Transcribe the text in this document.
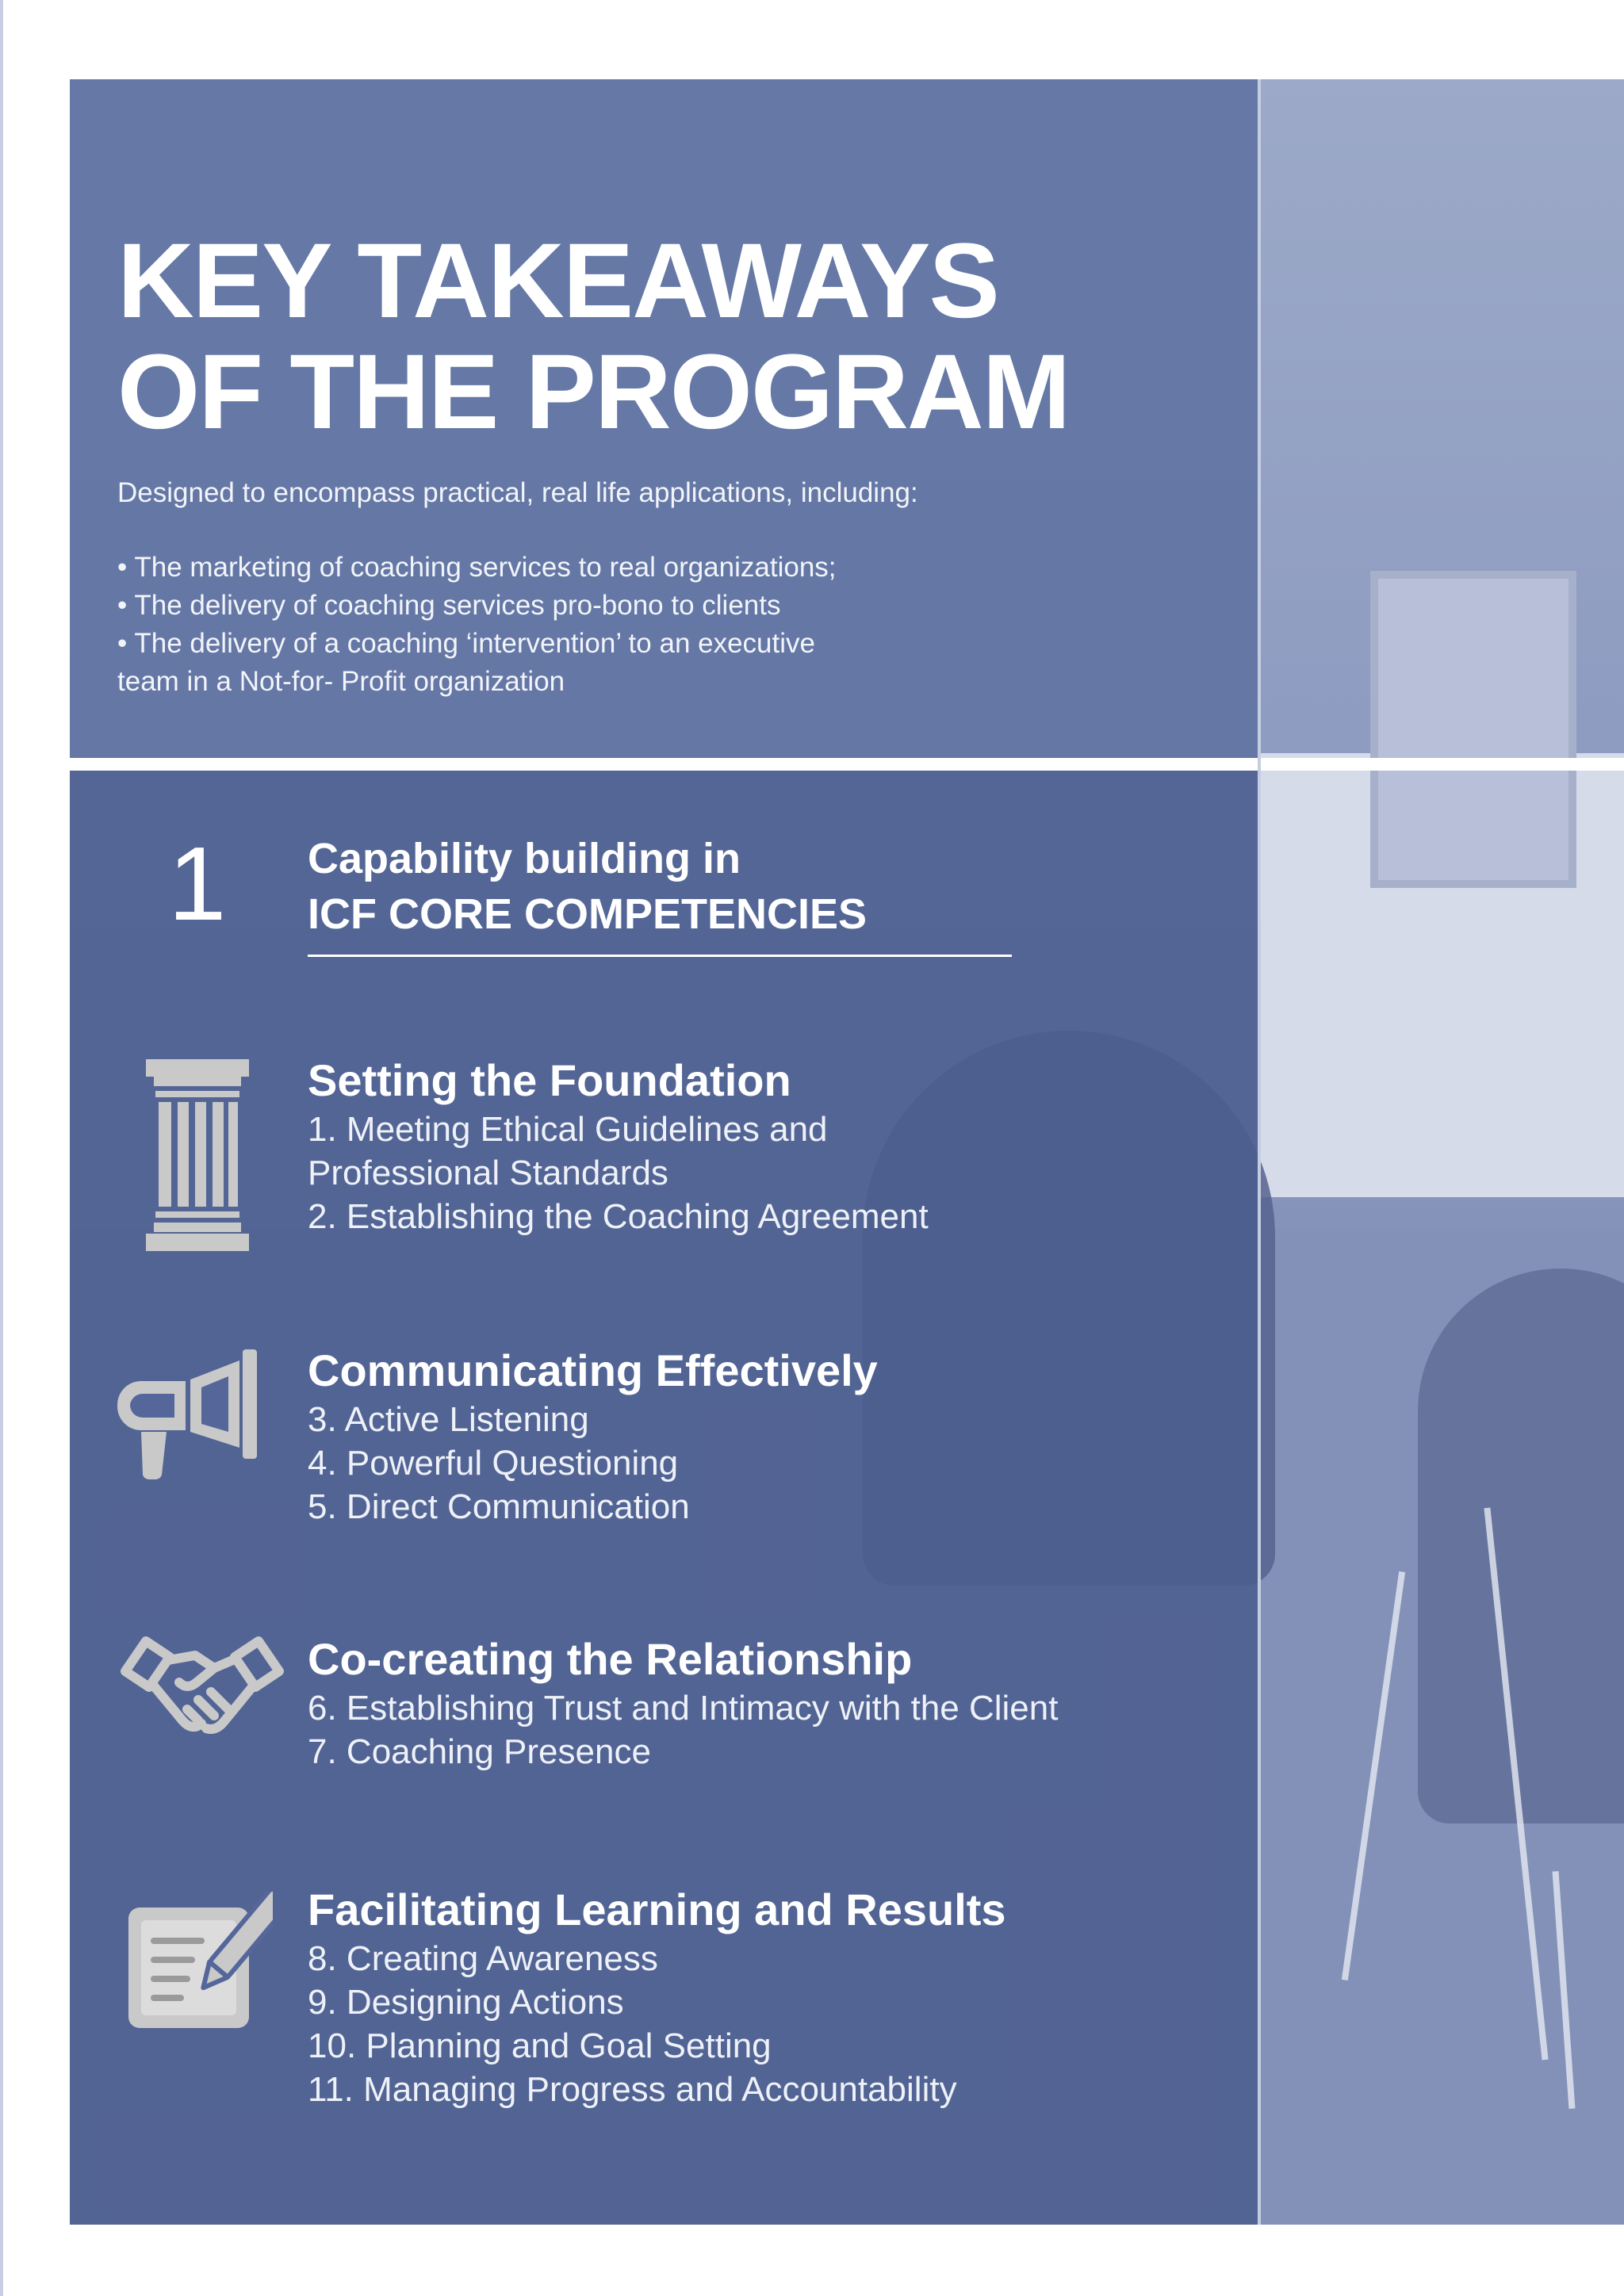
KEY TAKEAWAYS
OF THE PROGRAM

Designed to encompass practical, real life applications, including:

• The marketing of coaching services to real organizations;
• The delivery of coaching services pro-bono to clients
• The delivery of a coaching ‘intervention’ to an executive
team in a Not-for- Profit organization
1	Capability building in
ICF CORE COMPETENCIES
Setting the Foundation
1. Meeting Ethical Guidelines and
Professional Standards
2. Establishing the Coaching Agreement
Communicating Effectively
3. Active Listening
4. Powerful Questioning
5. Direct Communication
Co-creating the Relationship
6. Establishing Trust and Intimacy with the Client
7. Coaching Presence
Facilitating Learning and Results
8. Creating Awareness
9. Designing Actions
10. Planning and Goal Setting
11. Managing Progress and Accountability
